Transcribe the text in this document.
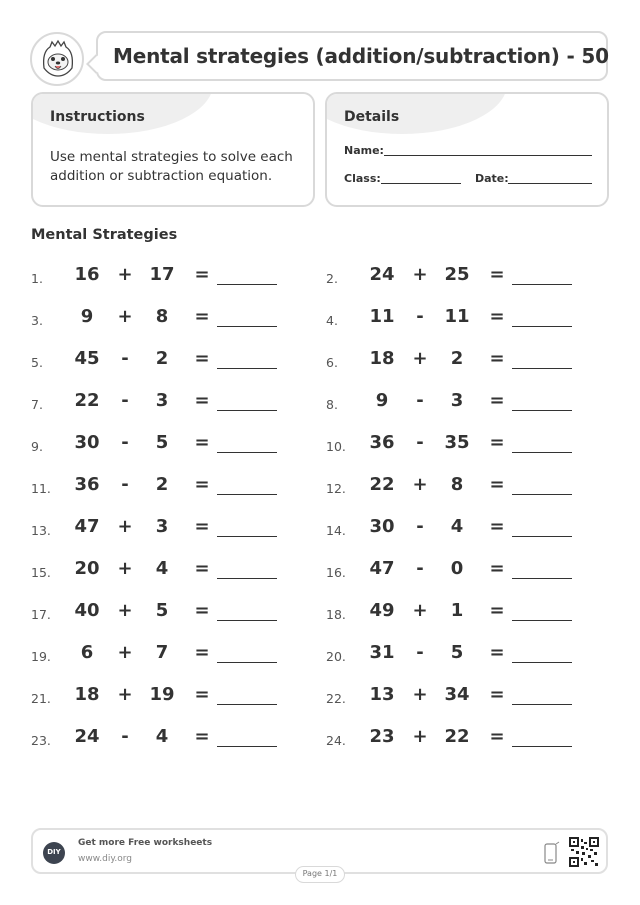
Mental strategies (addition/subtraction) - 50
Instructions
Use mental strategies to solve each addition or subtraction equation.
Details
Name:
Class:	Date:
Mental Strategies
1.	16 + 17	=	2.	24 + 25	=
3.	9	+	8	=	4.	11	-	11	=
5.	45	-	2	=	6.	18 +	2	=
7.	22	-	3	=	8.	9	-	3	=
9.	30	-	5	=	10.	36	-	35	=
11.	36	-	2	=	12.	22 +	8	=
13.	47 +	3	=	14.	30	-	4	=
15.	20 +	4	=	16.	47	-	0	=
17.	40 +	5	=	18.	49 +	1	=
19.	6	+	7	=	20.	31	-	5	=
21.	18 + 19	=	22.	13 + 34	=
23.	24	-	4	=	24.	23 + 22	=
DIY
Get more Free worksheets
www.diy.org
Page 1/1
